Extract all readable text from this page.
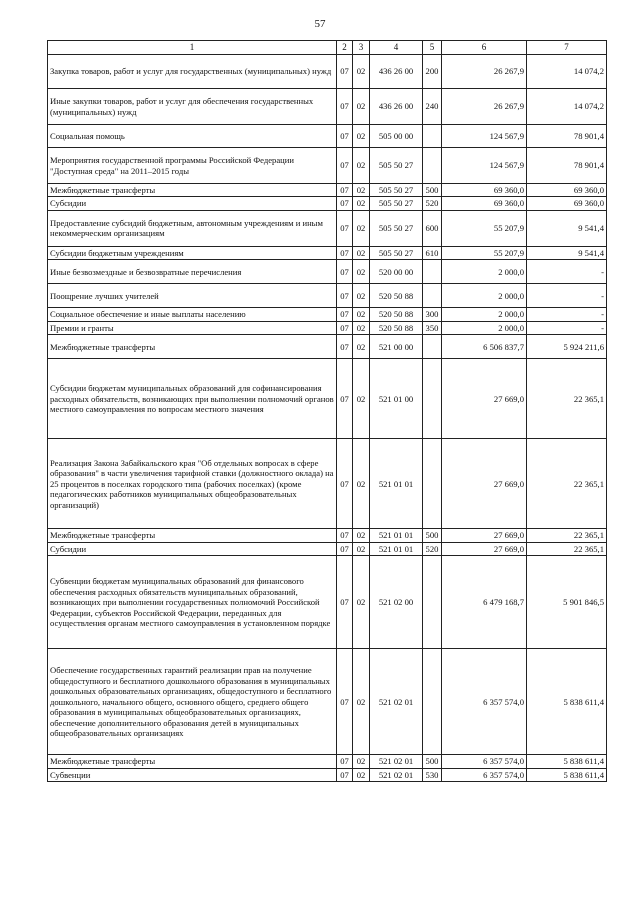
57
1	2	3	4	5	6	7
Закупка товаров, работ и услуг для государственных (муниципальных) нужд	07	02	436 26 00	200	26 267,9	14 074,2
Иные закупки товаров, работ и услуг для обеспечения государственных (муниципальных) нужд	07	02	436 26 00	240	26 267,9	14 074,2
Социальная помощь	07	02	505 00 00		124 567,9	78 901,4
Мероприятия государственной программы Российской Федерации "Доступная среда" на 2011–2015 годы	07	02	505 50 27		124 567,9	78 901,4
Межбюджетные трансферты	07	02	505 50 27	500	69 360,0	69 360,0
Субсидии	07	02	505 50 27	520	69 360,0	69 360,0
Предоставление субсидий бюджетным, автономным учреждениям и иным некоммерческим организациям	07	02	505 50 27	600	55 207,9	9 541,4
Субсидии бюджетным учреждениям	07	02	505 50 27	610	55 207,9	9 541,4
Иные безвозмездные и безвозвратные перечисления	07	02	520 00 00		2 000,0	-
Поощрение лучших учителей	07	02	520 50 88		2 000,0	-
Социальное обеспечение и иные выплаты населению	07	02	520 50 88	300	2 000,0	-
Премии и гранты	07	02	520 50 88	350	2 000,0	-
Межбюджетные трансферты	07	02	521 00 00		6 506 837,7	5 924 211,6
Субсидии бюджетам муниципальных образований для софинансирования расходных обязательств, возникающих при выполнении полномочий органов местного самоуправления по вопросам местного значения	07	02	521 01 00		27 669,0	22 365,1
Реализация Закона Забайкальского края "Об отдельных вопросах в сфере образования" в части увеличения тарифной ставки (должностного оклада) на 25 процентов в поселках городского типа (рабочих поселках) (кроме педагогических работников муниципальных общеобразовательных организаций)	07	02	521 01 01		27 669,0	22 365,1
Межбюджетные трансферты	07	02	521 01 01	500	27 669,0	22 365,1
Субсидии	07	02	521 01 01	520	27 669,0	22 365,1
Субвенции бюджетам муниципальных образований для финансового обеспечения расходных обязательств муниципальных образований, возникающих при выполнении государственных полномочий Российской Федерации, субъектов Российской Федерации, переданных для осуществления органам местного самоуправления в установленном порядке	07	02	521 02 00		6 479 168,7	5 901 846,5
Обеспечение государственных гарантий реализации прав на получение общедоступного и бесплатного дошкольного образования в муниципальных дошкольных образовательных организациях, общедоступного и бесплатного дошкольного, начального общего, основного общего, среднего общего образования в муниципальных общеобразовательных организациях, обеспечение дополнительного образования детей в муниципальных общеобразовательных организациях	07	02	521 02 01		6 357 574,0	5 838 611,4
Межбюджетные трансферты	07	02	521 02 01	500	6 357 574,0	5 838 611,4
Субвенции	07	02	521 02 01	530	6 357 574,0	5 838 611,4
